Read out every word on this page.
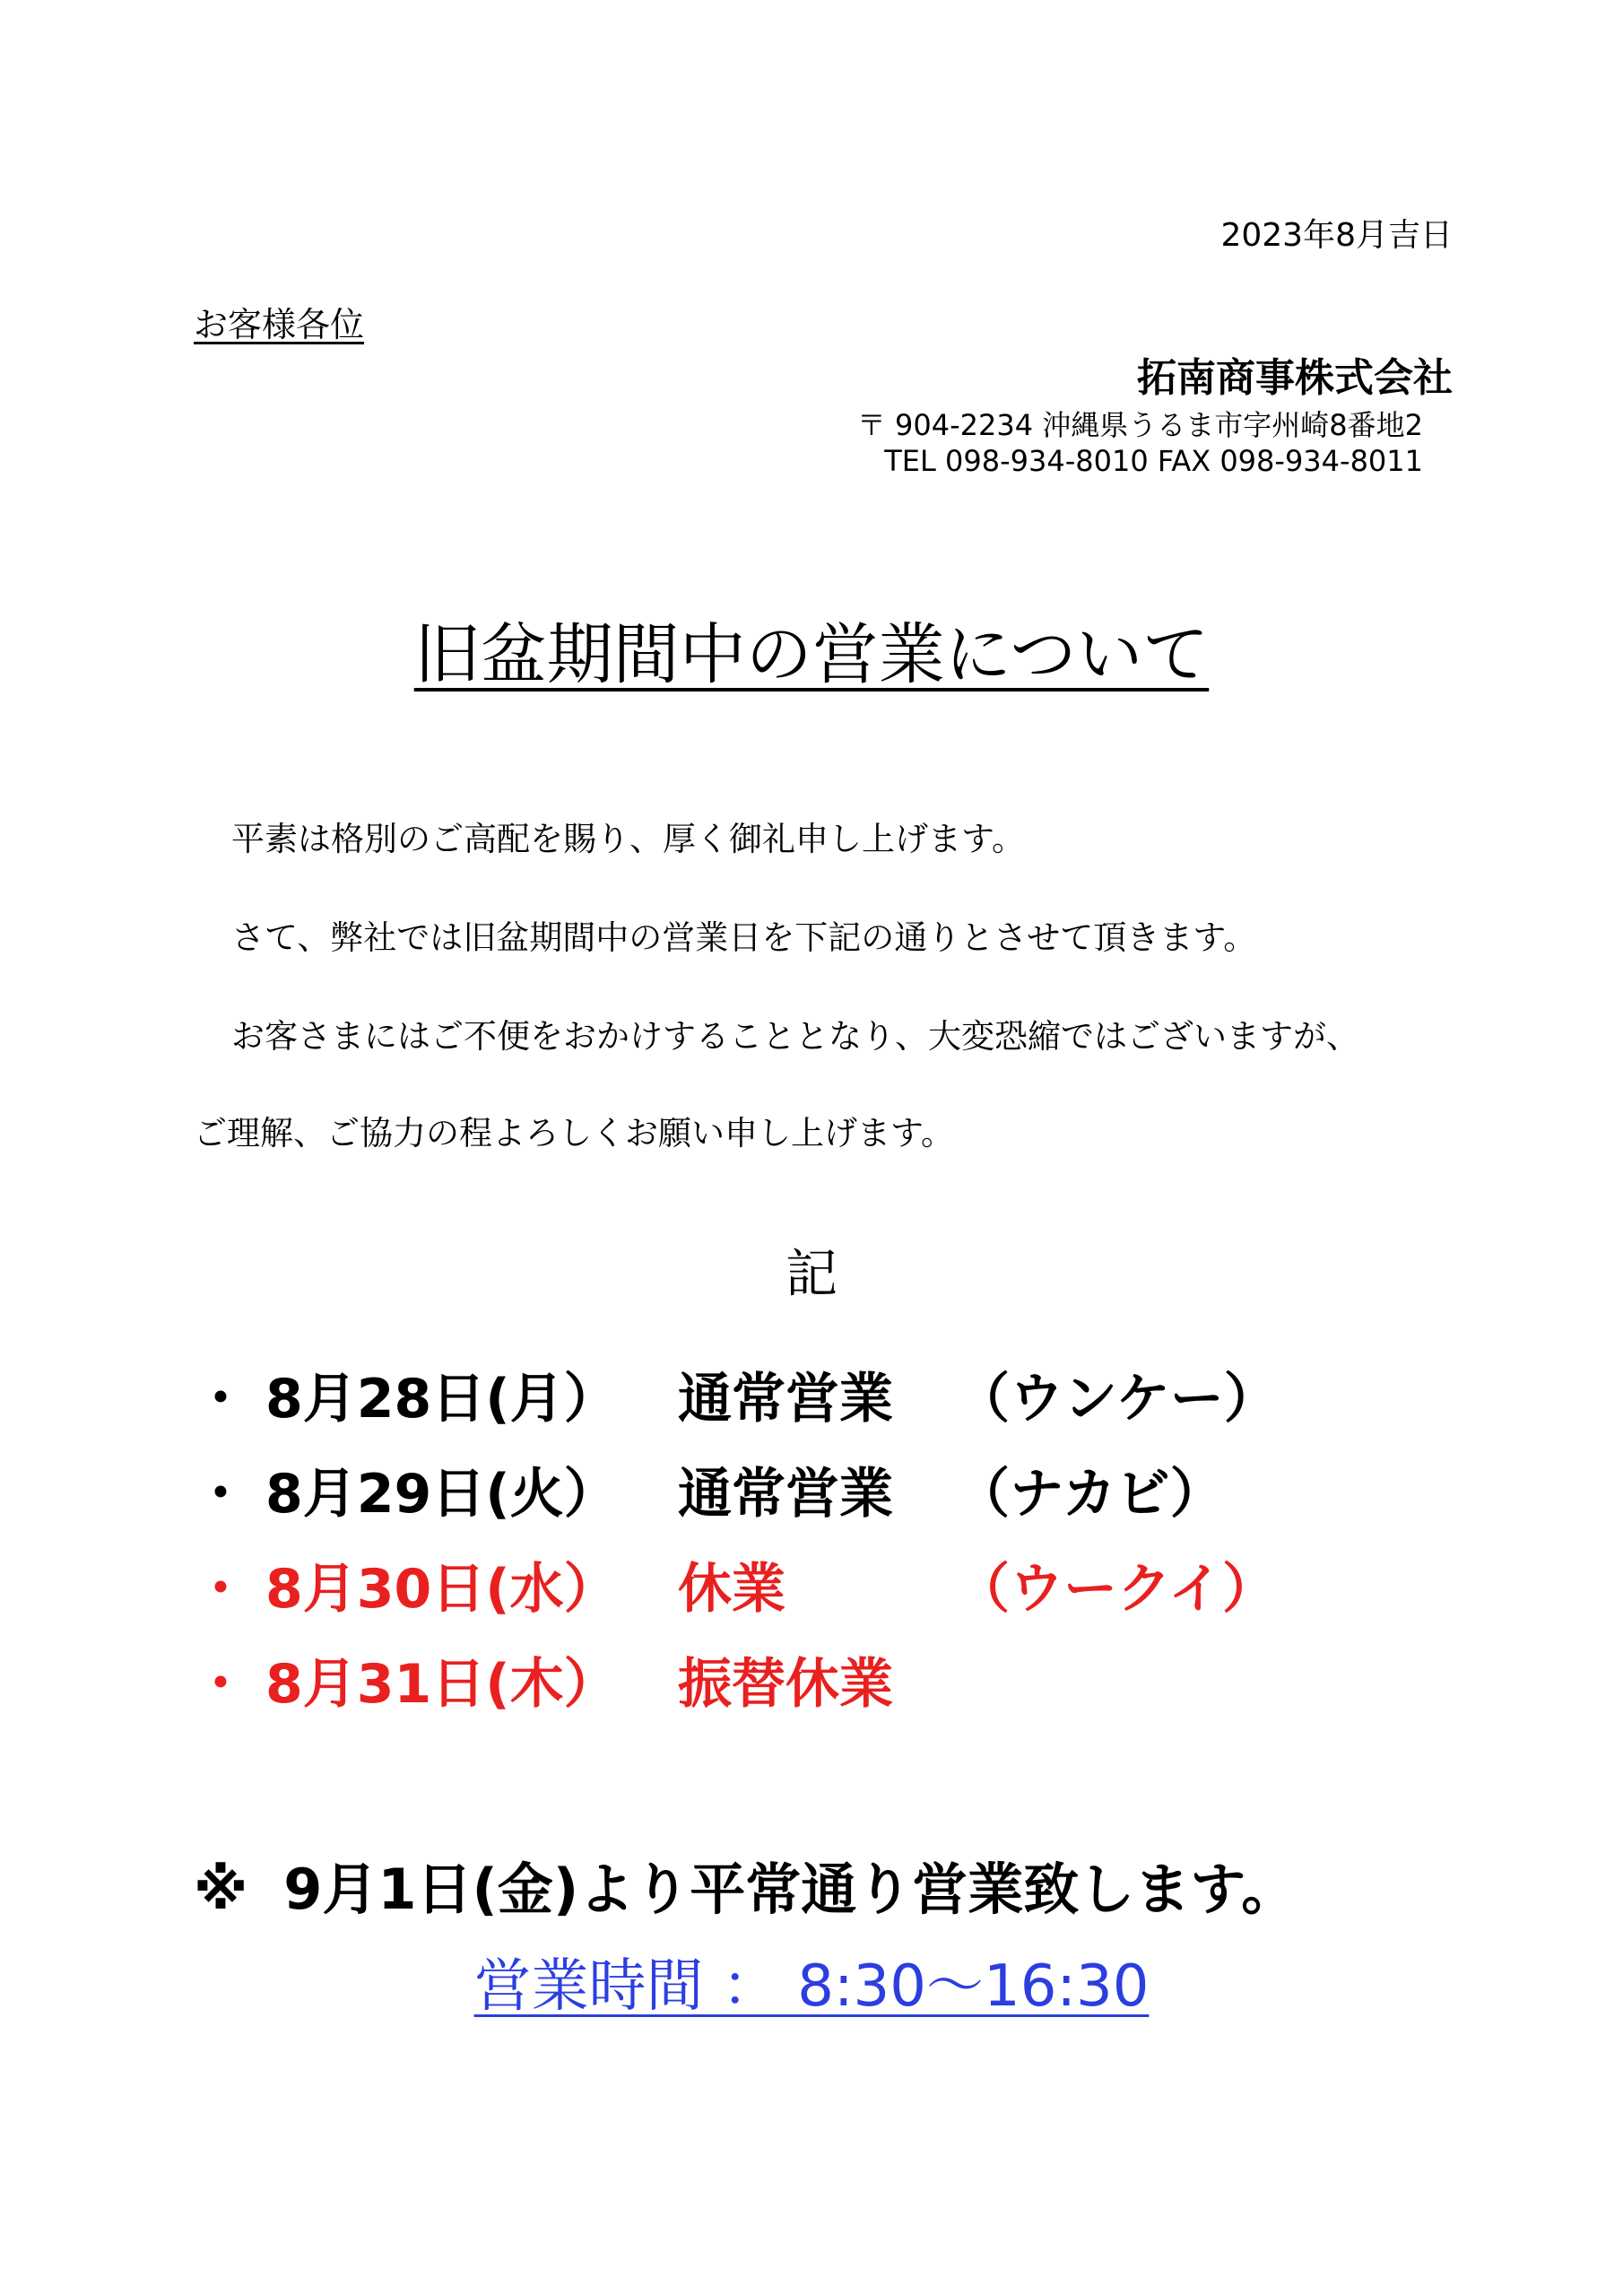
2023年8月吉日
お客様各位
拓南商事株式会社
〒 904-2234 沖縄県うるま市字州崎8番地2
TEL 098-934-8010 FAX 098-934-8011
旧盆期間中の営業について
平素は格別のご高配を賜り、厚く御礼申し上げます。
さて、弊社では旧盆期間中の営業日を下記の通りとさせて頂きます。
お客さまにはご不便をおかけすることとなり、大変恐縮ではございますが、
ご理解、ご協力の程よろしくお願い申し上げます。
記
・ 8月28日(月）	通常営業	（ウンケー）
・ 8月29日(火）	通常営業	（ナカビ）
・ 8月30日(水）	休業	（ウークイ）
・ 8月31日(木）	振替休業
※ 9月1日(金)より平常通り営業致します。
営業時間 ： 8:30～16:30
